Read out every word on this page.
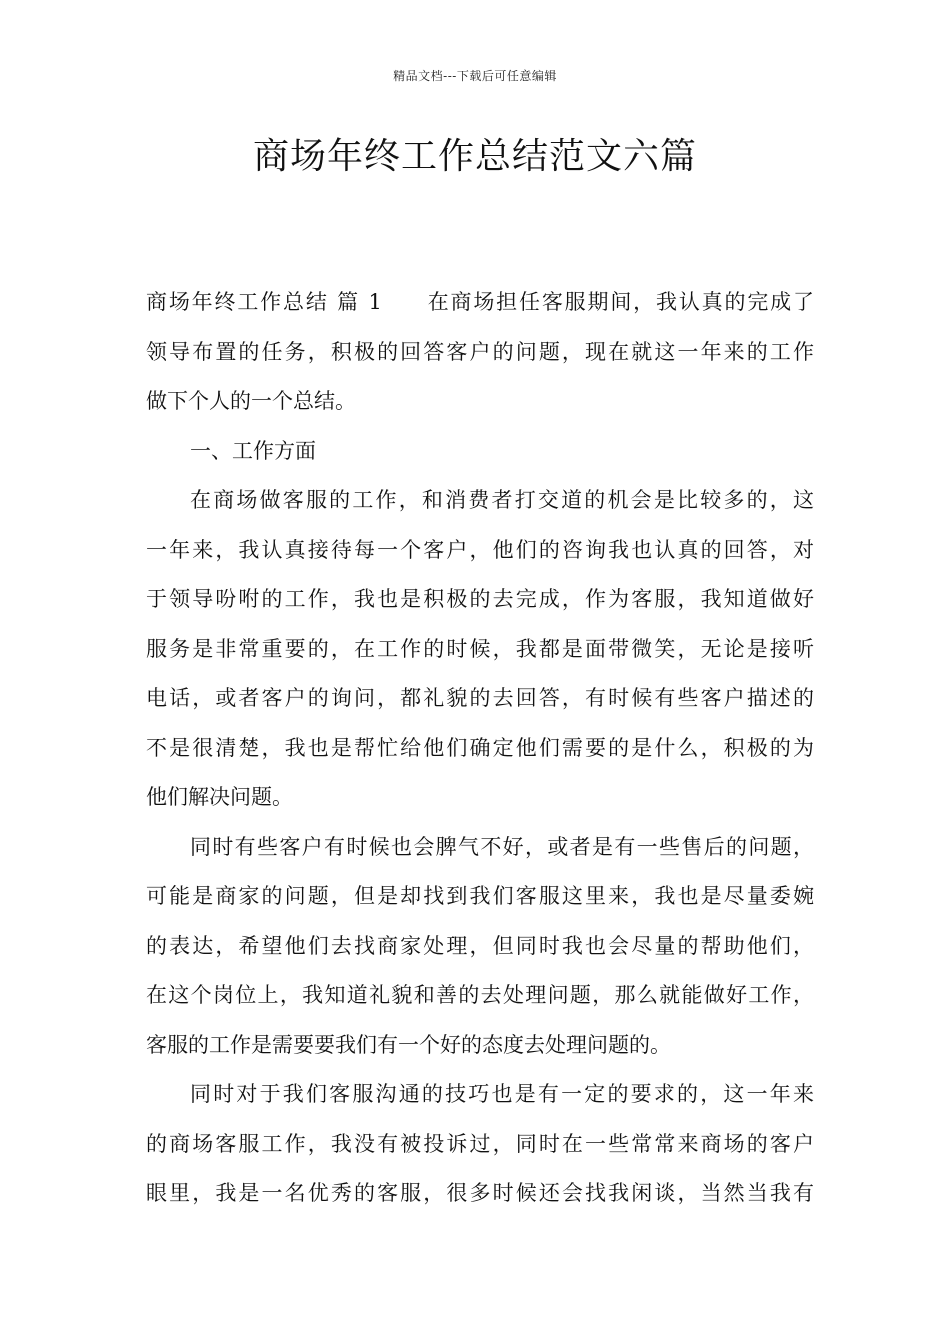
精品文档---下载后可任意编辑
商场年终工作总结范文六篇
商场年终工作总结 篇 1 在商场担任客服期间，我认真的完成了
领导布置的任务，积极的回答客户的问题，现在就这一年来的工作
做下个人的一个总结。
一、工作方面
在商场做客服的工作，和消费者打交道的机会是比较多的，这
一年来，我认真接待每一个客户，他们的咨询我也认真的回答，对
于领导吩咐的工作，我也是积极的去完成，作为客服，我知道做好
服务是非常重要的，在工作的时候，我都是面带微笑，无论是接听
电话，或者客户的询问，都礼貌的去回答，有时候有些客户描述的
不是很清楚，我也是帮忙给他们确定他们需要的是什么，积极的为
他们解决问题。
同时有些客户有时候也会脾气不好，或者是有一些售后的问题，
可能是商家的问题，但是却找到我们客服这里来，我也是尽量委婉
的表达，希望他们去找商家处理，但同时我也会尽量的帮助他们，
在这个岗位上，我知道礼貌和善的去处理问题，那么就能做好工作，
客服的工作是需要要我们有一个好的态度去处理问题的。
同时对于我们客服沟通的技巧也是有一定的要求的，这一年来
的商场客服工作，我没有被投诉过，同时在一些常常来商场的客户
眼里，我是一名优秀的客服，很多时候还会找我闲谈，当然当我有
